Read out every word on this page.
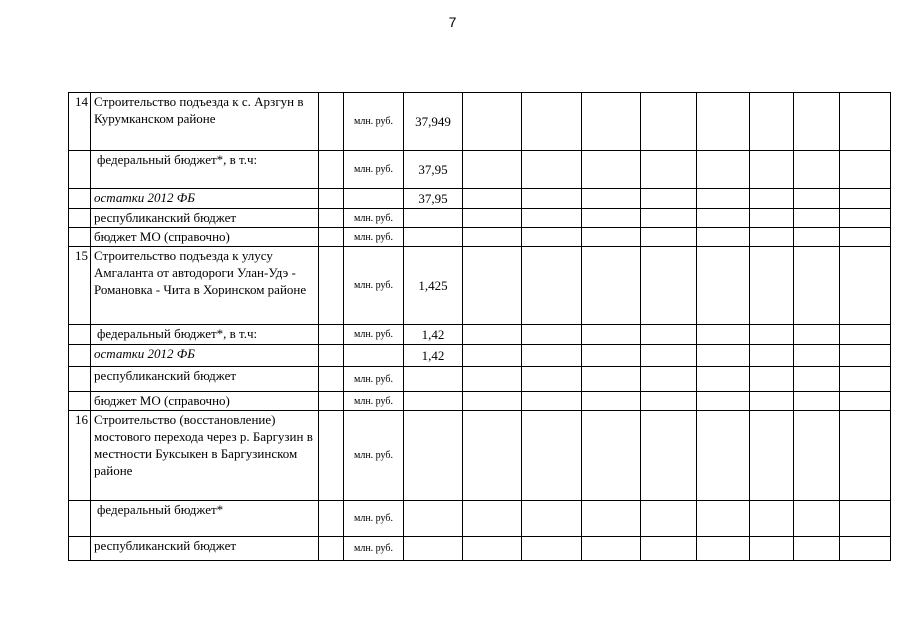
7
14	Строительство подъезда к с. Арзгун в Курумканском районе		млн. руб.	37,949								
	федеральный бюджет*, в т.ч:		млн. руб.	37,95								
	остатки 2012 ФБ			37,95								
	республиканский бюджет		млн. руб.									
	бюджет МО (справочно)		млн. руб.									
15	Строительство подъезда к улусу Амгаланта от автодороги Улан-Удэ - Романовка - Чита в Хоринском районе		млн. руб.	1,425								
	федеральный бюджет*, в т.ч:		млн. руб.	1,42								
	остатки 2012 ФБ			1,42								
	республиканский бюджет		млн. руб.									
	бюджет МО (справочно)		млн. руб.									
16	Строительство (восстановление) мостового перехода через р. Баргузин в местности Буксыкен в Баргузинском районе		млн. руб.									
	федеральный бюджет*		млн. руб.									
	республиканский бюджет		млн. руб.									
